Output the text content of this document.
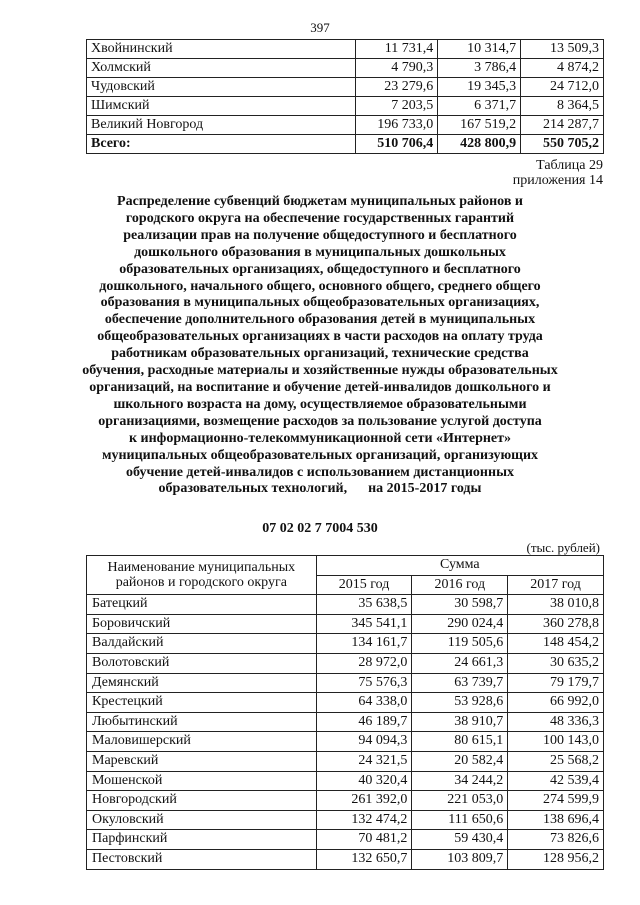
397
Хвойнинский	11 731,4	10 314,7	13 509,3
Холмский	4 790,3	3 786,4	4 874,2
Чудовский	23 279,6	19 345,3	24 712,0
Шимский	7 203,5	6 371,7	8 364,5
Великий Новгород	196 733,0	167 519,2	214 287,7
Всего:	510 706,4	428 800,9	550 705,2
Таблица 29
приложения 14
Распределение субвенций бюджетам муниципальных районов и
городского округа на обеспечение государственных гарантий
реализации прав на получение общедоступного и бесплатного
дошкольного образования в муниципальных дошкольных
образовательных организациях, общедоступного и бесплатного
дошкольного, начального общего, основного общего, среднего общего
образования в муниципальных общеобразовательных организациях,
обеспечение дополнительного образования детей в муниципальных
общеобразовательных организациях в части расходов на оплату труда
работникам образовательных организаций, технические средства
обучения, расходные материалы и хозяйственные нужды образовательных
организаций, на воспитание и обучение детей-инвалидов дошкольного и
школьного возраста на дому, осуществляемое образовательными
организациями, возмещение расходов за пользование услугой доступа
к информационно-телекоммуникационной сети «Интернет»
муниципальных общеобразовательных организаций, организующих
обучение детей-инвалидов с использованием дистанционных
образовательных технологий,      на 2015-2017 годы
07 02 02 7 7004 530
(тыс. рублей)
Наименование муниципальных районов и городского округа	Сумма		
	2015 год	2016 год	2017 год
Батецкий	35 638,5	30 598,7	38 010,8
Боровичский	345 541,1	290 024,4	360 278,8
Валдайский	134 161,7	119 505,6	148 454,2
Волотовский	28 972,0	24 661,3	30 635,2
Демянский	75 576,3	63 739,7	79 179,7
Крестецкий	64 338,0	53 928,6	66 992,0
Любытинский	46 189,7	38 910,7	48 336,3
Маловишерский	94 094,3	80 615,1	100 143,0
Маревский	24 321,5	20 582,4	25 568,2
Мошенской	40 320,4	34 244,2	42 539,4
Новгородский	261 392,0	221 053,0	274 599,9
Окуловский	132 474,2	111 650,6	138 696,4
Парфинский	70 481,2	59 430,4	73 826,6
Пестовский	132 650,7	103 809,7	128 956,2
